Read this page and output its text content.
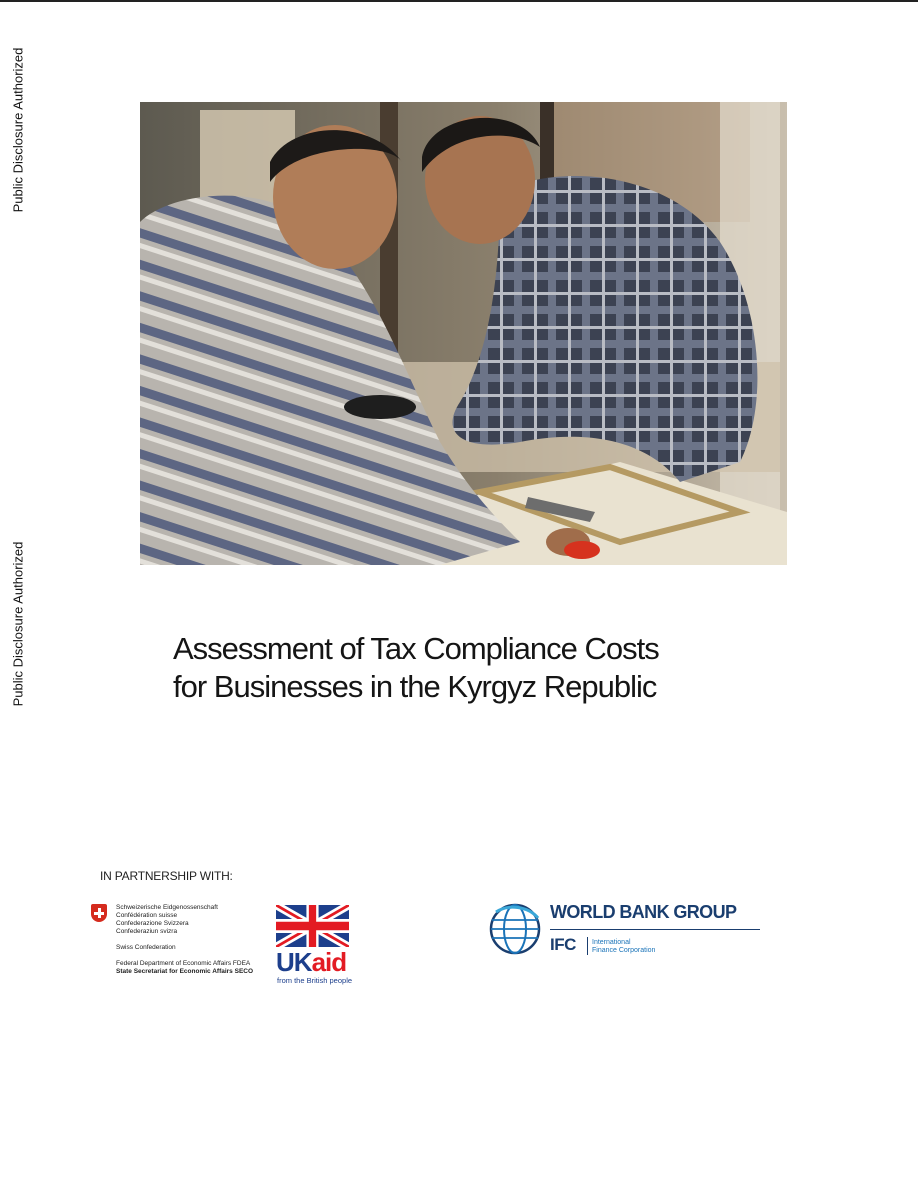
Public Disclosure Authorized
Public Disclosure Authorized	Assessment of Tax Compliance Costs
for Businesses in the Kyrgyz Republic
IN PARTNERSHIP WITH:
Schweizerische Eidgenossenschaft
Confédération suisse
Confederazione Svizzera
Confederaziun svizra
Swiss Confederation
Federal Department of Economic Affairs FDEA
State Secretariat for Economic Affairs SECO UKaid
from the British people
WORLD BANK GROUP
IFC International
Finance Corporation
